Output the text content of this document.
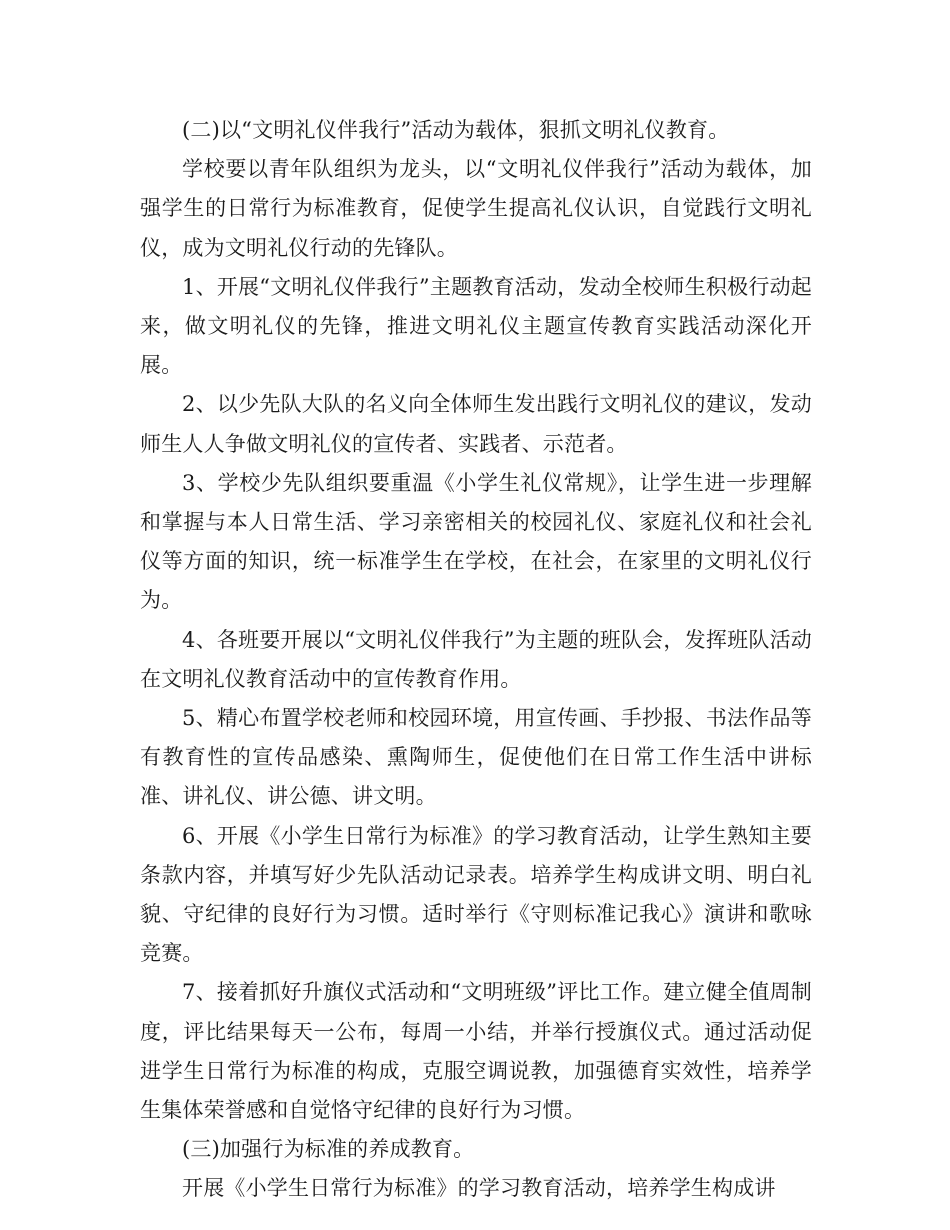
(二)以“文明礼仪伴我行”活动为载体，狠抓文明礼仪教育。

学校要以青年队组织为龙头，以“文明礼仪伴我行”活动为载体，加强学生的日常行为标准教育，促使学生提高礼仪认识，自觉践行文明礼仪，成为文明礼仪行动的先锋队。

1、开展“文明礼仪伴我行”主题教育活动，发动全校师生积极行动起来，做文明礼仪的先锋，推进文明礼仪主题宣传教育实践活动深化开展。

2、以少先队大队的名义向全体师生发出践行文明礼仪的建议，发动师生人人争做文明礼仪的宣传者、实践者、示范者。

3、学校少先队组织要重温《小学生礼仪常规》，让学生进一步理解和掌握与本人日常生活、学习亲密相关的校园礼仪、家庭礼仪和社会礼仪等方面的知识，统一标准学生在学校，在社会，在家里的文明礼仪行为。

4、各班要开展以“文明礼仪伴我行”为主题的班队会，发挥班队活动在文明礼仪教育活动中的宣传教育作用。

5、精心布置学校老师和校园环境，用宣传画、手抄报、书法作品等有教育性的宣传品感染、熏陶师生，促使他们在日常工作生活中讲标准、讲礼仪、讲公德、讲文明。

6、开展《小学生日常行为标准》的学习教育活动，让学生熟知主要条款内容，并填写好少先队活动记录表。培养学生构成讲文明、明白礼貌、守纪律的良好行为习惯。适时举行《守则标准记我心》演讲和歌咏竞赛。

7、接着抓好升旗仪式活动和“文明班级”评比工作。建立健全值周制度，评比结果每天一公布，每周一小结，并举行授旗仪式。通过活动促进学生日常行为标准的构成，克服空调说教，加强德育实效性，培养学生集体荣誉感和自觉恪守纪律的良好行为习惯。

(三)加强行为标准的养成教育。

开展《小学生日常行为标准》的学习教育活动，培养学生构成讲
